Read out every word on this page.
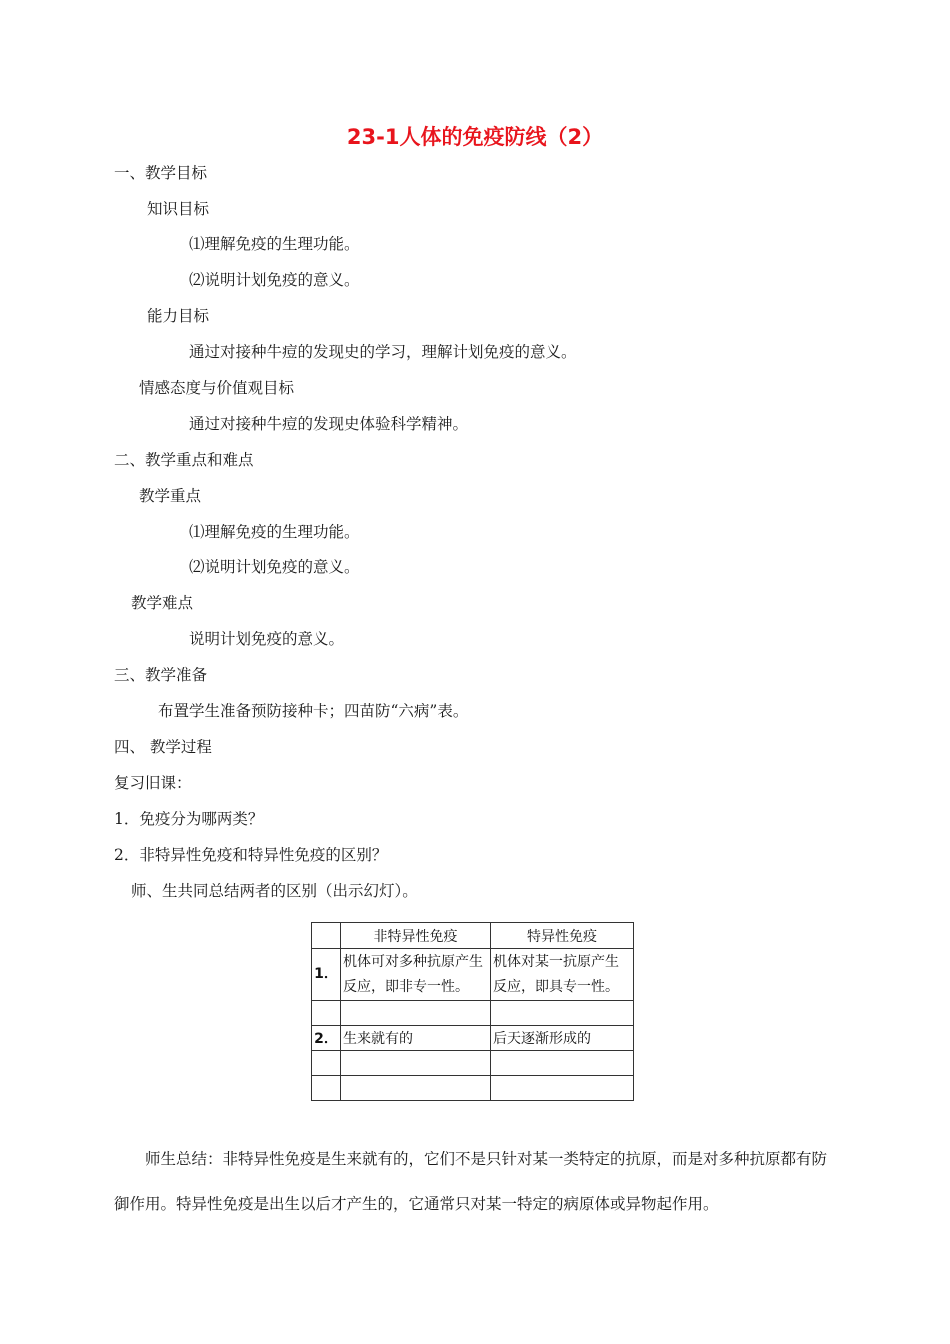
23-1人体的免疫防线（2）
一、教学目标
知识目标
⑴理解免疫的生理功能。
⑵说明计划免疫的意义。
能力目标
通过对接种牛痘的发现史的学习，理解计划免疫的意义。
情感态度与价值观目标
通过对接种牛痘的发现史体验科学精神。
二、教学重点和难点
教学重点
⑴理解免疫的生理功能。
⑵说明计划免疫的意义。
教学难点
说明计划免疫的意义。
三、教学准备
布置学生准备预防接种卡；四苗防“六病”表。
四、 教学过程
复习旧课：
1．免疫分为哪两类？
2．非特异性免疫和特异性免疫的区别？
师、生共同总结两者的区别（出示幻灯）。
	非特异性免疫	特异性免疫
1．	机体可对多种抗原产生反应，即非专一性。	机体对某一抗原产生反应，即具专一性。

2．	生来就有的	后天逐渐形成的

师生总结：非特异性免疫是生来就有的，它们不是只针对某一类特定的抗原，而是对多种抗原都有防御作用。特异性免疫是出生以后才产生的，它通常只对某一特定的病原体或异物起作用。
